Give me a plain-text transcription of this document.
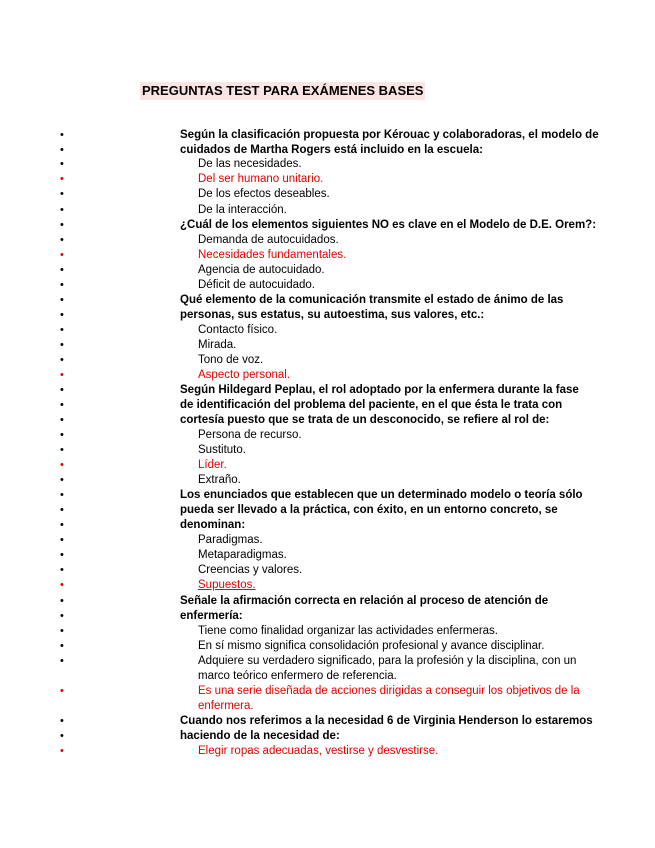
PREGUNTAS TEST PARA EXÁMENES BASES
•	Según la clasificación propuesta por Kérouac y colaboradoras, el modelo de
•	cuidados de Martha Rogers está incluido en la escuela:
•	De las necesidades.
•	Del ser humano unitario.
•	De los efectos deseables.
•	De la interacción.
•	¿Cuál de los elementos siguientes NO es clave en el Modelo de D.E. Orem?:
•	Demanda de autocuidados.
•	Necesidades fundamentales.
•	Agencia de autocuidado.
•	Déficit de autocuidado.
•	Qué elemento de la comunicación transmite el estado de ánimo de las
•	personas, sus estatus, su autoestima, sus valores, etc.:
•	Contacto físico.
•	Mirada.
•	Tono de voz.
•	Aspecto personal.
•	Según Hildegard Peplau, el rol adoptado por la enfermera durante la fase
•	de identificación del problema del paciente, en el que ésta le trata con
•	cortesía puesto que se trata de un desconocido, se refiere al rol de:
•	Persona de recurso.
•	Sustituto.
•	Líder.
•	Extraño.
•	Los enunciados que establecen que un determinado modelo o teoría sólo
•	pueda ser llevado a la práctica, con éxito, en un entorno concreto, se
•	denominan:
•	Paradigmas.
•	Metaparadigmas.
•	Creencias y valores.
•	Supuestos.
•	Señale la afirmación correcta en relación al proceso de atención de
•	enfermería:
•	Tiene como finalidad organizar las actividades enfermeras.
•	En sí mismo significa consolidación profesional y avance disciplinar.
•	Adquiere su verdadero significado, para la profesión y la disciplina, con un marco teórico enfermero de referencia.
•	Es una serie diseñada de acciones dirigidas a conseguir los objetivos de la enfermera.
•	Cuando nos referimos a la necesidad 6 de Virginia Henderson lo estaremos
•	haciendo de la necesidad de:
•	Elegir ropas adecuadas, vestirse y desvestirse.
